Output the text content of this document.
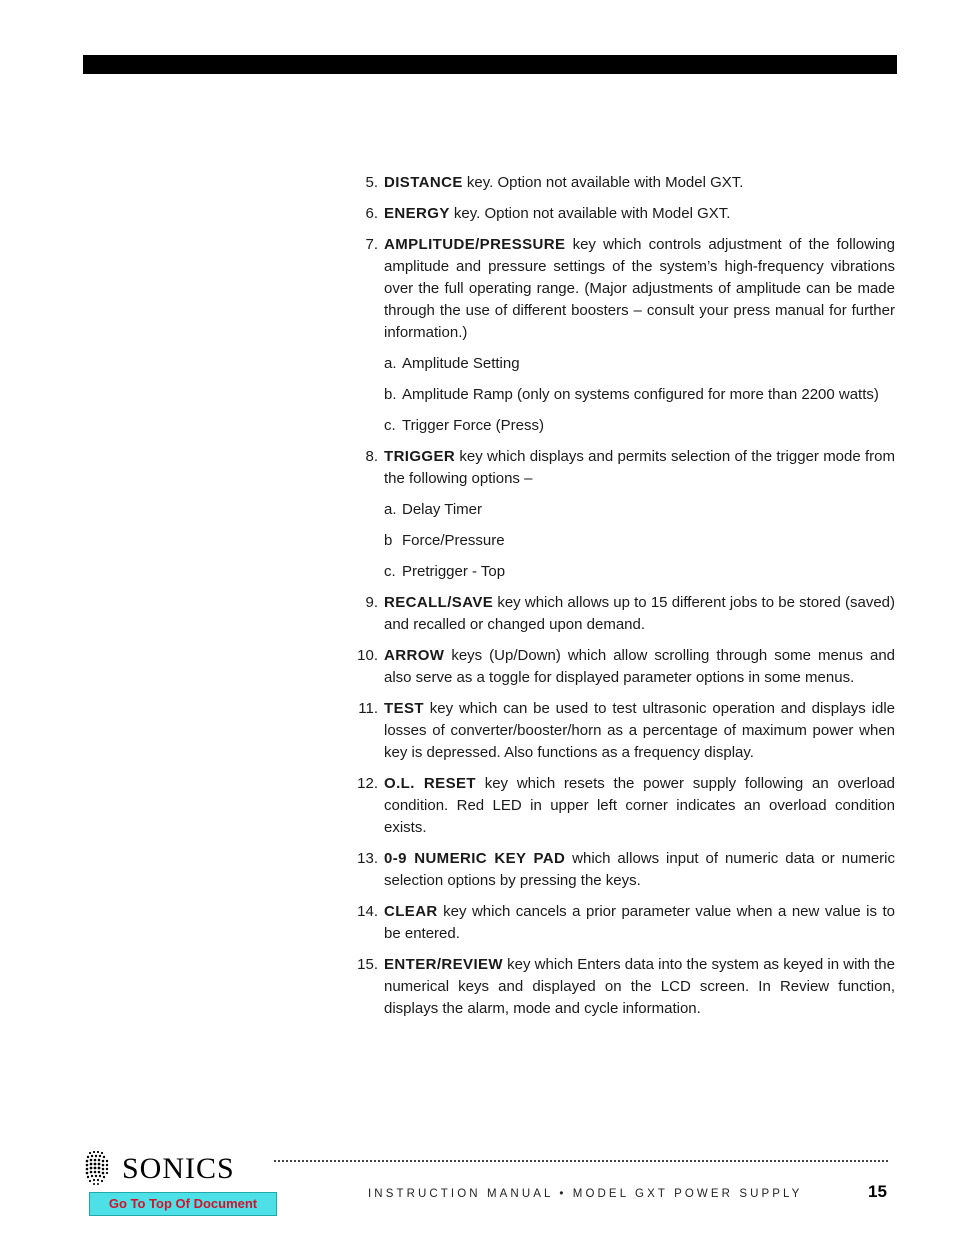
5. DISTANCE key. Option not available with Model GXT.
6. ENERGY key. Option not available with Model GXT.
7. AMPLITUDE/PRESSURE key which controls adjustment of the following amplitude and pressure settings of the system’s high-frequency vibrations over the full operating range. (Major adjustments of amplitude can be made through the use of different boosters – consult your press manual for further information.)
a. Amplitude Setting
b. Amplitude Ramp (only on systems configured for more than 2200 watts)
c. Trigger Force (Press)
8. TRIGGER key which displays and permits selection of the trigger mode from the following options –
a. Delay Timer
b Force/Pressure
c. Pretrigger - Top
9. RECALL/SAVE key which allows up to 15 different jobs to be stored (saved) and recalled or changed upon demand.
10. ARROW keys (Up/Down) which allow scrolling through some menus and also serve as a toggle for displayed parameter options in some menus.
11. TEST key which can be used to test ultrasonic operation and displays idle losses of converter/booster/horn as a percentage of maximum power when key is depressed. Also functions as a frequency display.
12. O.L. RESET key which resets the power supply following an overload condition. Red LED in upper left corner indicates an overload condition exists.
13. 0-9 NUMERIC KEY PAD which allows input of numeric data or numeric selection options by pressing the keys.
14. CLEAR key which cancels a prior parameter value when a new value is to be entered.
15. ENTER/REVIEW key which Enters data into the system as keyed in with the numerical keys and displayed on the LCD screen. In Review function, displays the alarm, mode and cycle information.
SONICS
INSTRUCTION MANUAL • MODEL GXT POWER SUPPLY	15
Go To Top Of Document
